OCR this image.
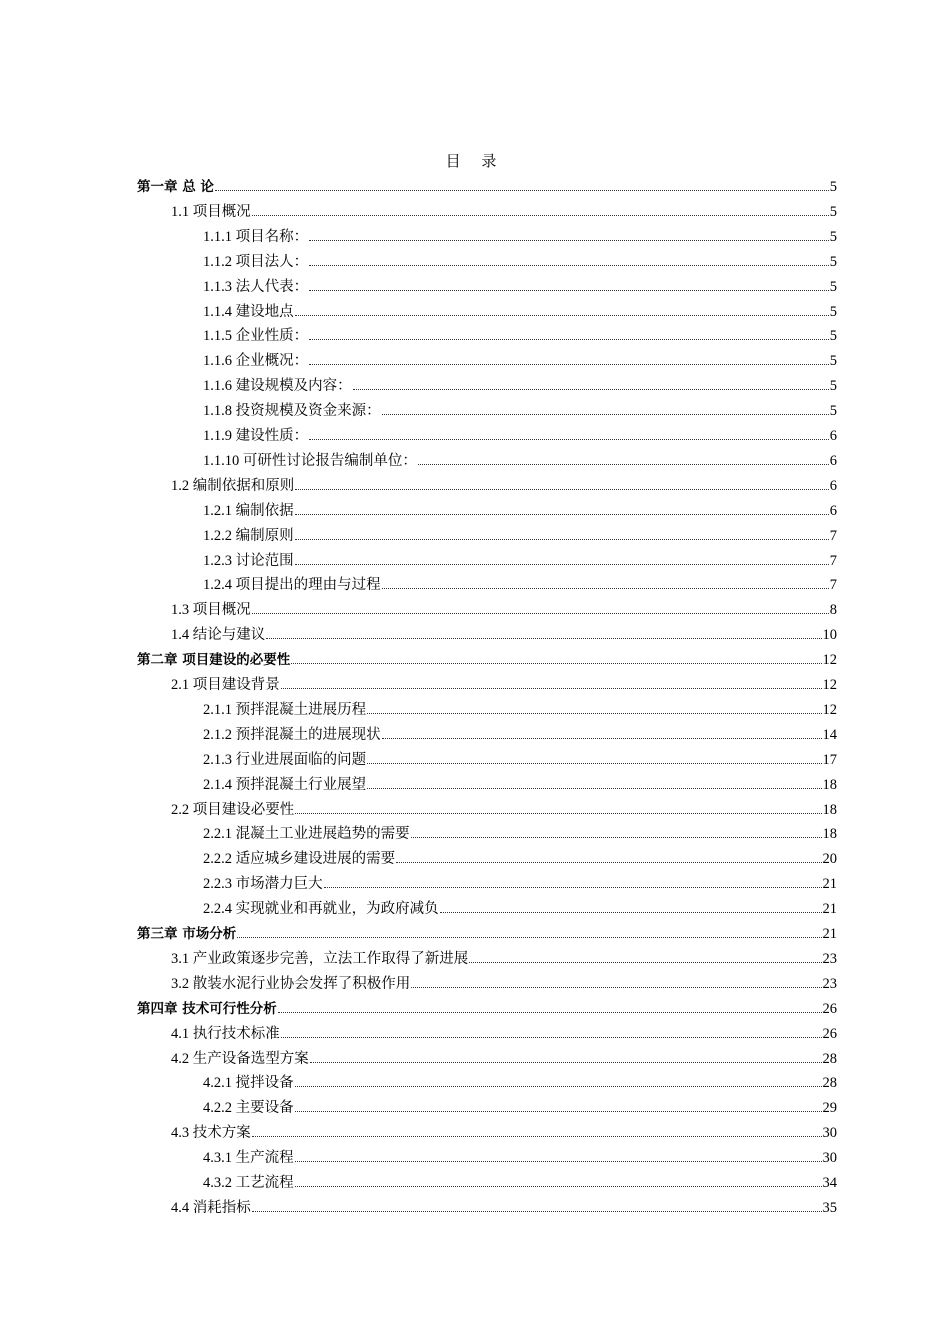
目 录
第一章 总 论	5
1.1 项目概况	5
1.1.1 项目名称：	5
1.1.2 项目法人：	5
1.1.3 法人代表：	5
1.1.4 建设地点	5
1.1.5 企业性质：	5
1.1.6 企业概况：	5
1.1.6 建设规模及内容：	5
1.1.8 投资规模及资金来源：	5
1.1.9 建设性质：	6
1.1.10 可研性讨论报告编制单位：	6
1.2 编制依据和原则	6
1.2.1 编制依据	6
1.2.2 编制原则	7
1.2.3 讨论范围	7
1.2.4 项目提出的理由与过程	7
1.3 项目概况	8
1.4 结论与建议	10
第二章 项目建设的必要性	12
2.1 项目建设背景	12
2.1.1 预拌混凝土进展历程	12
2.1.2 预拌混凝土的进展现状	14
2.1.3 行业进展面临的问题	17
2.1.4 预拌混凝土行业展望	18
2.2 项目建设必要性	18
2.2.1 混凝土工业进展趋势的需要	18
2.2.2 适应城乡建设进展的需要	20
2.2.3 市场潜力巨大	21
2.2.4 实现就业和再就业，为政府减负	21
第三章 市场分析	21
3.1 产业政策逐步完善，立法工作取得了新进展	23
3.2 散装水泥行业协会发挥了积极作用	23
第四章 技术可行性分析	26
4.1 执行技术标准	26
4.2 生产设备选型方案	28
4.2.1 搅拌设备	28
4.2.2 主要设备	29
4.3 技术方案	30
4.3.1 生产流程	30
4.3.2 工艺流程	34
4.4 消耗指标	35
